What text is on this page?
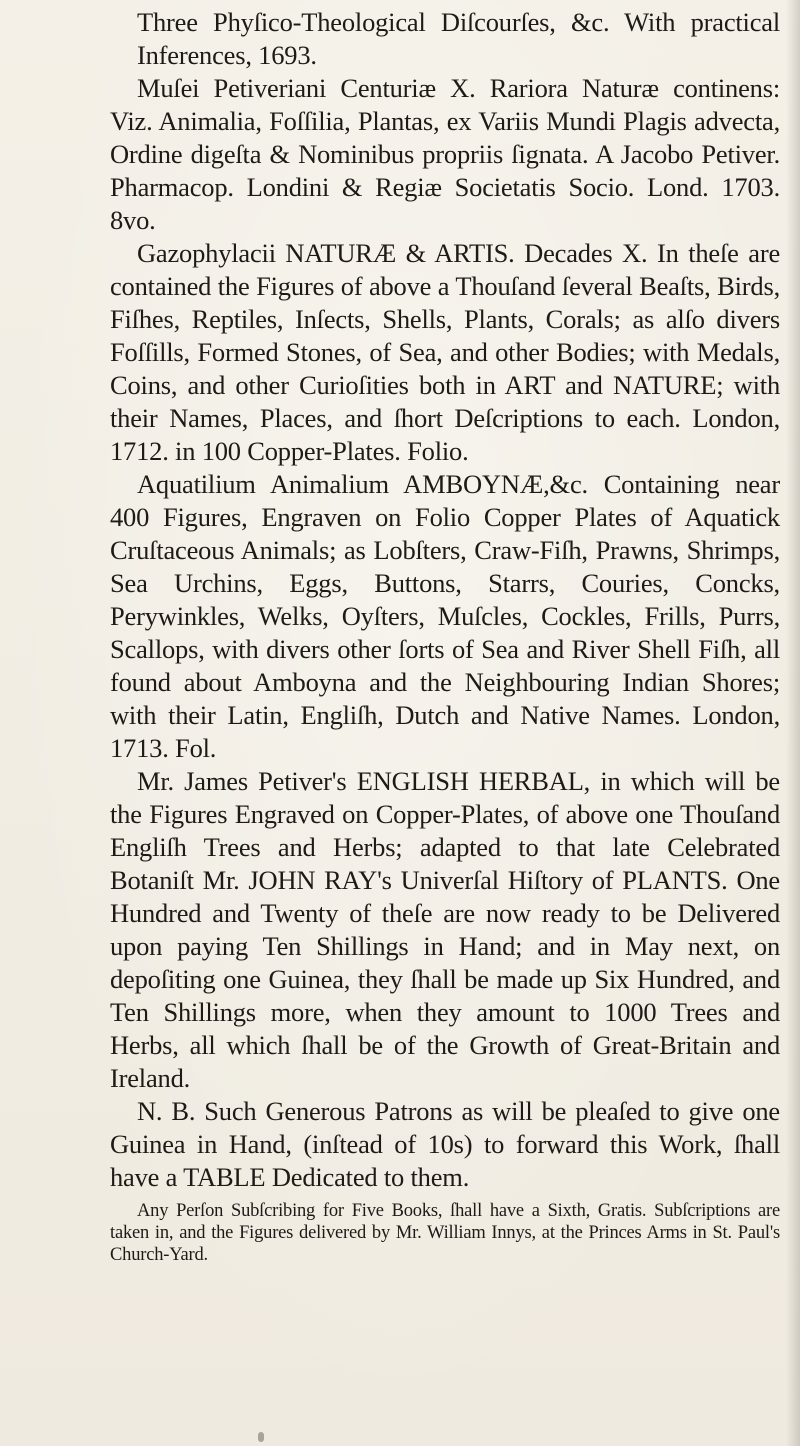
Three Phyſico-Theological Diſcourſes, &c. With practical Inferences, 1693.

Muſei Petiveriani Centuriæ X. Rariora Naturæ continens: Viz. Animalia, Foſſilia, Plantas, ex Variis Mundi Plagis advecta, Ordine digeſta & Nominibus propriis ſignata. A Jacobo Petiver. Pharmacop. Londini & Regiæ Societatis Socio. Lond. 1703. 8vo.

Gazophylacii NATURÆ & ARTIS. Decades X. In theſe are contained the Figures of above a Thouſand ſeveral Beaſts, Birds, Fiſhes, Reptiles, Inſects, Shells, Plants, Corals; as alſo divers Foſſills, Formed Stones, of Sea, and other Bodies; with Medals, Coins, and other Curioſities both in ART and NATURE; with their Names, Places, and ſhort Deſcriptions to each. London, 1712. in 100 Copper-Plates. Folio.

Aquatilium Animalium AMBOYNÆ,&c. Containing near 400 Figures, Engraven on Folio Copper Plates of Aquatick Cruſtaceous Animals; as Lobſters, Craw-Fiſh, Prawns, Shrimps, Sea Urchins, Eggs, Buttons, Starrs, Couries, Concks, Perywinkles, Welks, Oyſters, Muſcles, Cockles, Frills, Purrs, Scallops, with divers other ſorts of Sea and River Shell Fiſh, all found about Amboyna and the Neighbouring Indian Shores; with their Latin, Engliſh, Dutch and Native Names. London, 1713. Fol.

Mr. James Petiver's ENGLISH HERBAL, in which will be the Figures Engraved on Copper-Plates, of above one Thouſand Engliſh Trees and Herbs; adapted to that late Celebrated Botaniſt Mr. JOHN RAY's Univerſal Hiſtory of PLANTS. One Hundred and Twenty of theſe are now ready to be Delivered upon paying Ten Shillings in Hand; and in May next, on depoſiting one Guinea, they ſhall be made up Six Hundred, and Ten Shillings more, when they amount to 1000 Trees and Herbs, all which ſhall be of the Growth of Great-Britain and Ireland.

N. B. Such Generous Patrons as will be pleaſed to give one Guinea in Hand, (inſtead of 10s) to forward this Work, ſhall have a TABLE Dedicated to them.

Any Perſon Subſcribing for Five Books, ſhall have a Sixth, Gratis. Subſcriptions are taken in, and the Figures delivered by Mr. William Innys, at the Princes Arms in St. Paul's Church-Yard.
